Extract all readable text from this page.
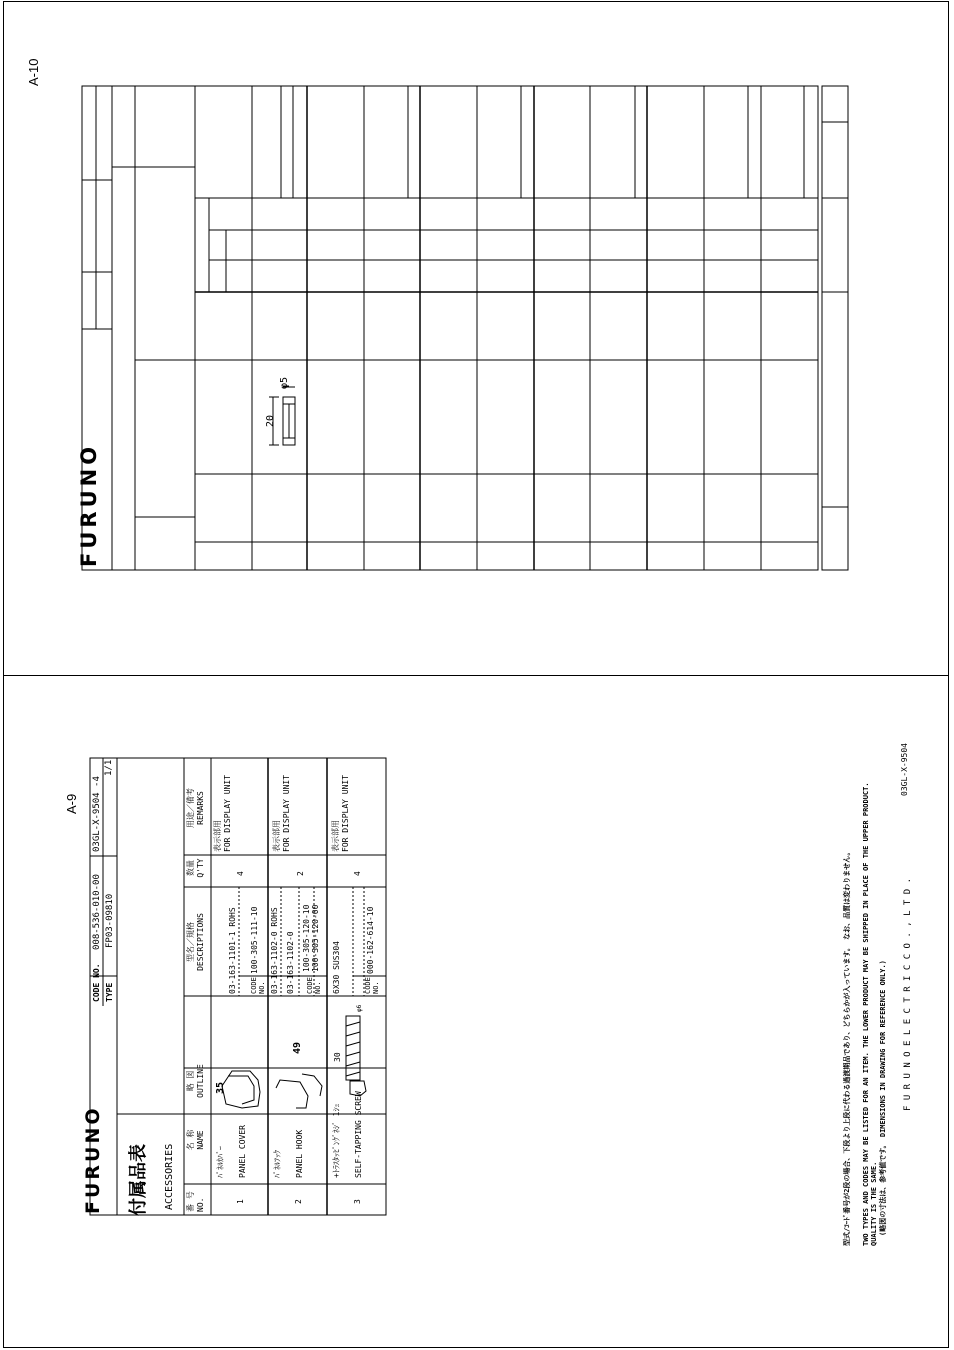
A-10
20
φ5
FURUNO
A-9
FURUNO 付属品表 ACCESSORIES
CODE NO.
008-536-010-00
03GL-X-9504 -4
1/1
TYPE
FP03-09810
番 号 NO.
名 称 NAME
略 図 OUTLINE
型名／規格 DESCRIPTIONS
数量 Q'TY
用途／備考 REMARKS
1
ﾊﾟﾈﾙｶﾊﾞｰ	PANEL COVER
35
03-163-1101-1 ROHS CODE NO.
100-305-111-10
4
表示部用 FOR DISPLAY UNIT
2
ﾊﾟﾈﾙﾌｯｸ	PANEL HOOK
49
03-163-1102-0 ROHS 03-163-1102-0 CODE NO.
100-305-120-10 100-305-120-00
2
表示部用 FOR DISPLAY UNIT
3
+ﾄﾗｽﾀｯﾋﾟﾝｸﾞﾈｼﾞ 1ｼｭ	SELF-TAPPING SCREW
30
φ6
6X30 SUS304	CODE NO.
000-162-614-10
4
表示部用 FOR DISPLAY UNIT
型式/ｺｰﾄﾞ番号が2段の場合、下段より上段に代わる過渡期品であり、どちらかが入っています。 なお、品質は変わりません。 TWO TYPES AND CODES MAY BE LISTED FOR AN ITEM. THE LOWER PRODUCT MAY BE SHIPPED IN PLACE OF THE UPPER PRODUCT. QUALITY IS THE SAME. (略図の寸法は、参考値です。 DIMENSIONS IN DRAWING FOR REFERENCE ONLY.) F U R U N O E L E C T R I C C O . , L T D .
03GL-X-9504
